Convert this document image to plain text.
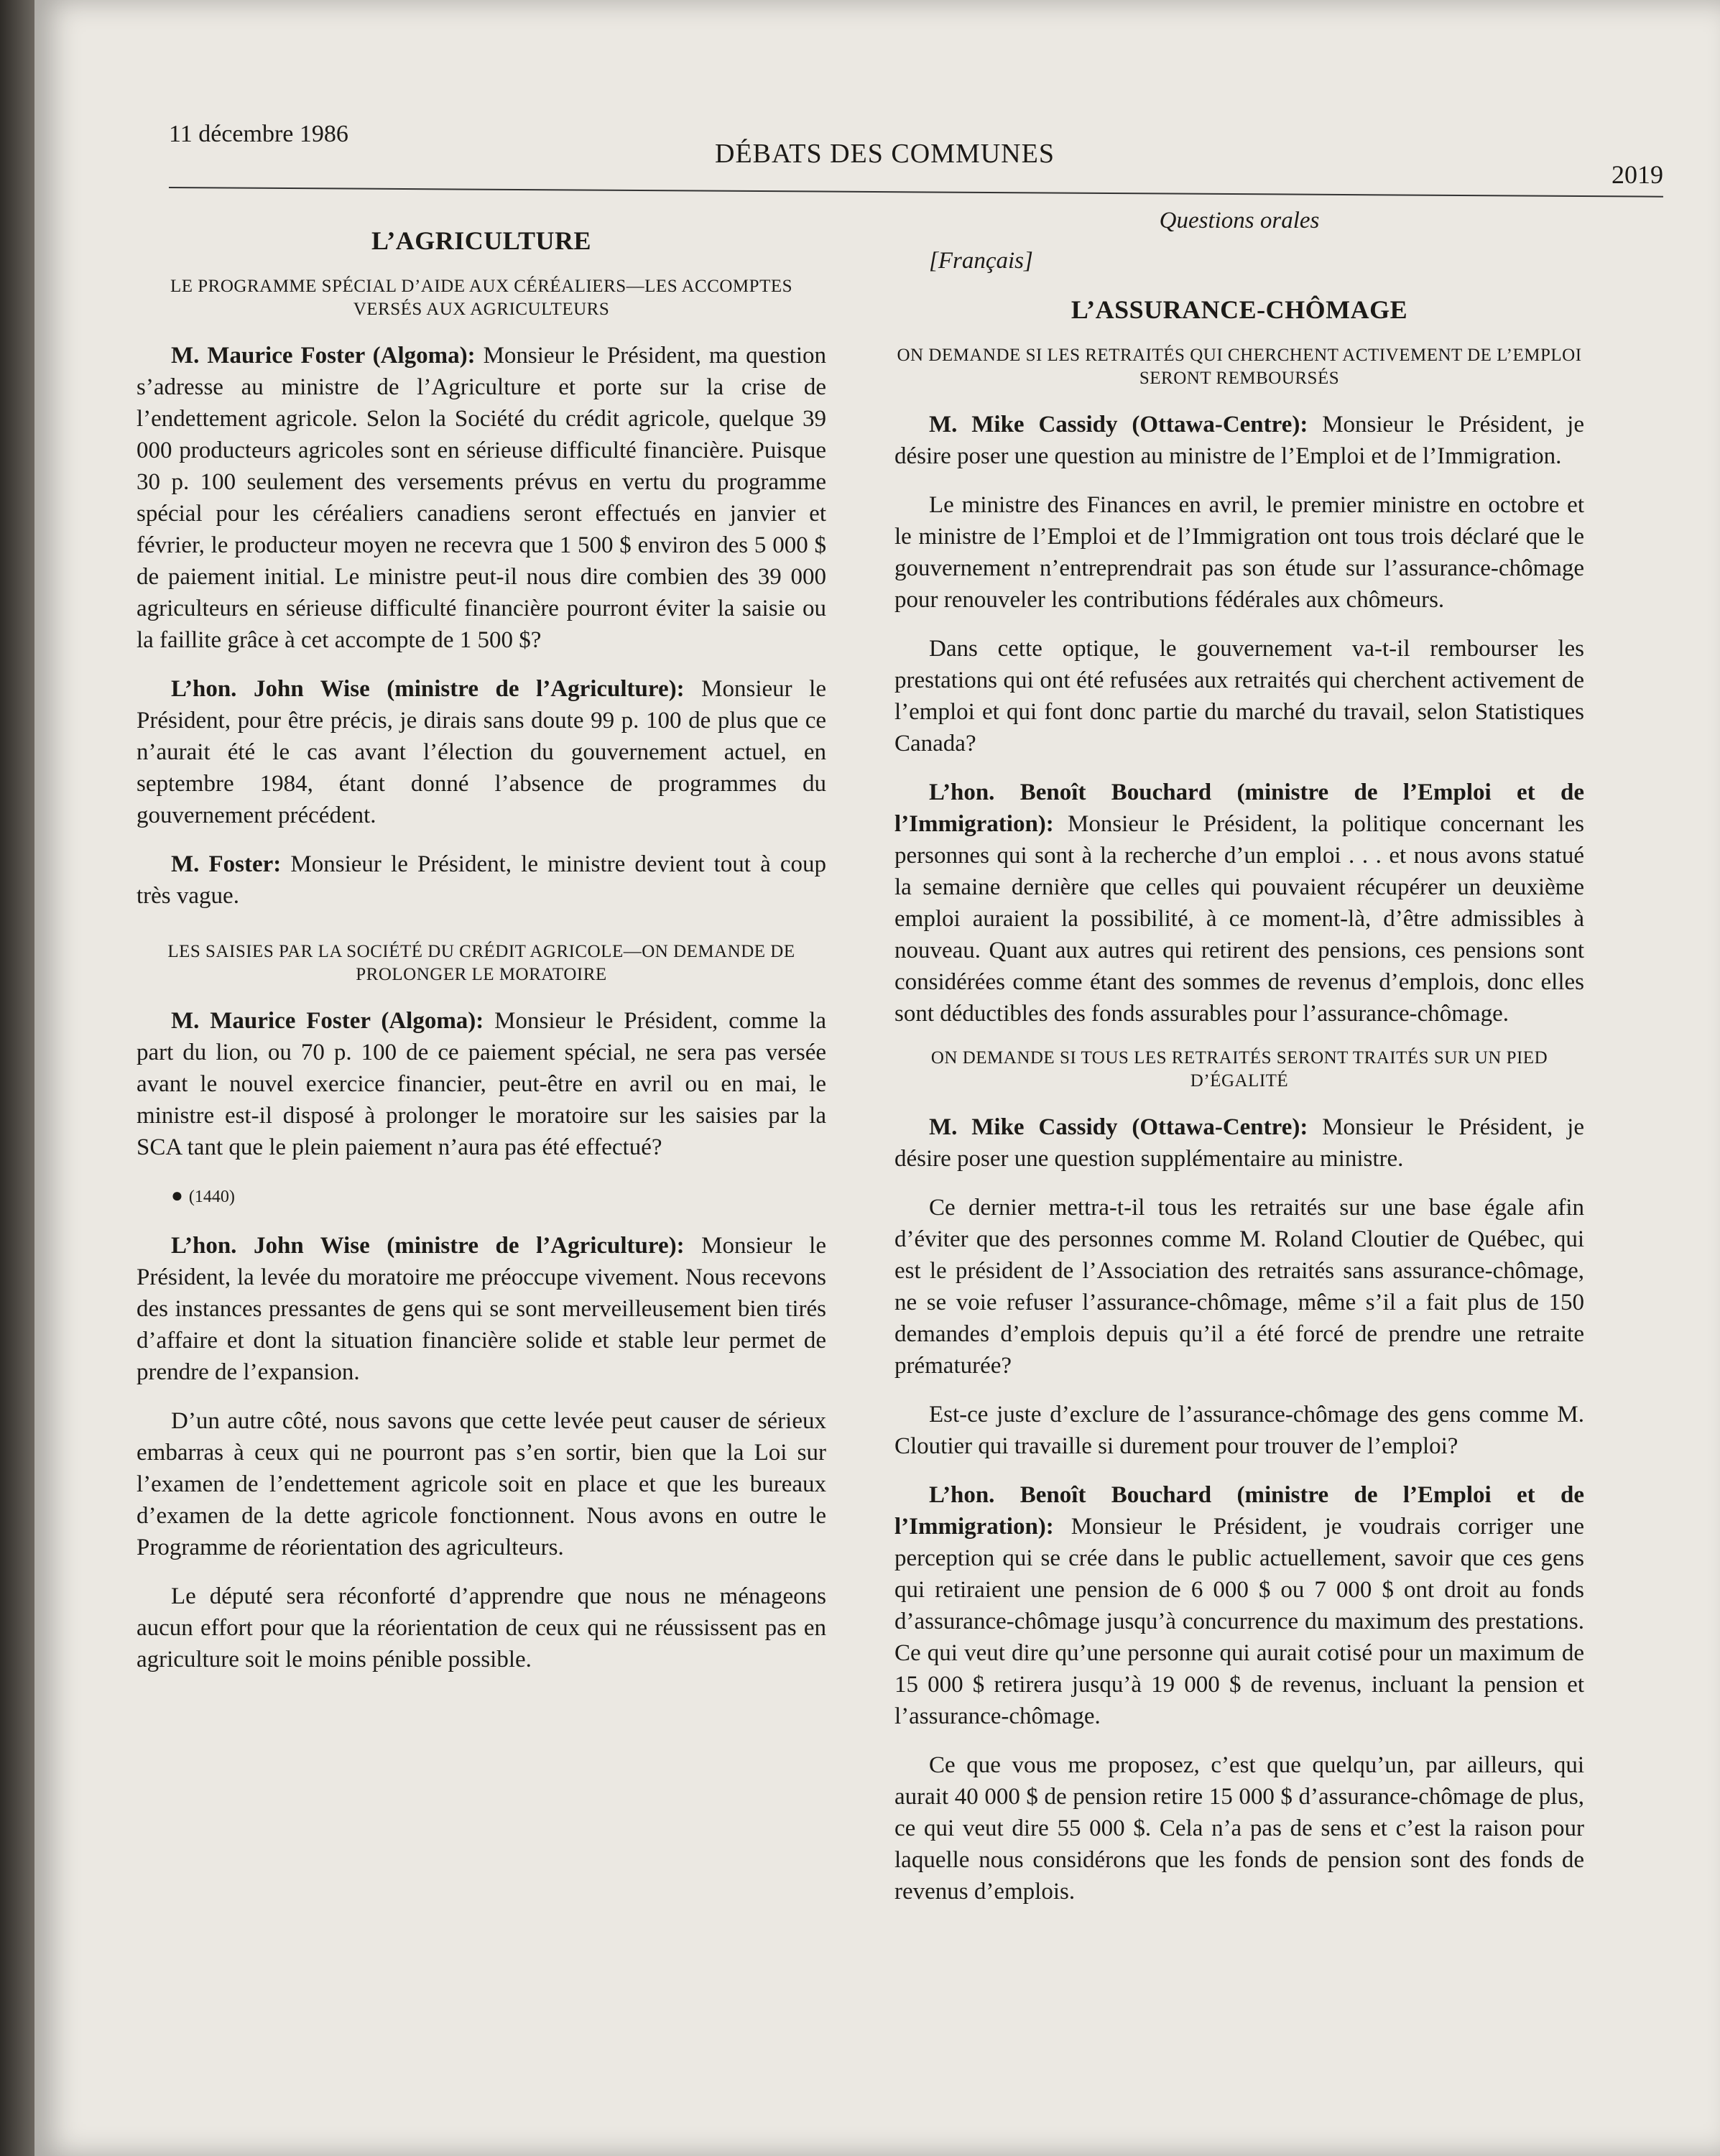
11 décembre 1986
DÉBATS DES COMMUNES
2019
L’AGRICULTURE
LE PROGRAMME SPÉCIAL D’AIDE AUX CÉRÉALIERS—LES ACCOMPTES VERSÉS AUX AGRICULTEURS

M. Maurice Foster (Algoma): Monsieur le Président, ma question s’adresse au ministre de l’Agriculture et porte sur la crise de l’endettement agricole. Selon la Société du crédit agricole, quelque 39 000 producteurs agricoles sont en sérieuse difficulté financière. Puisque 30 p. 100 seulement des versements prévus en vertu du programme spécial pour les céréaliers canadiens seront effectués en janvier et février, le producteur moyen ne recevra que 1 500 $ environ des 5 000 $ de paiement initial. Le ministre peut-il nous dire combien des 39 000 agriculteurs en sérieuse difficulté financière pourront éviter la saisie ou la faillite grâce à cet accompte de 1 500 $?

L’hon. John Wise (ministre de l’Agriculture): Monsieur le Président, pour être précis, je dirais sans doute 99 p. 100 de plus que ce n’aurait été le cas avant l’élection du gouvernement actuel, en septembre 1984, étant donné l’absence de programmes du gouvernement précédent.

M. Foster: Monsieur le Président, le ministre devient tout à coup très vague.

LES SAISIES PAR LA SOCIÉTÉ DU CRÉDIT AGRICOLE—ON DEMANDE DE PROLONGER LE MORATOIRE

M. Maurice Foster (Algoma): Monsieur le Président, comme la part du lion, ou 70 p. 100 de ce paiement spécial, ne sera pas versée avant le nouvel exercice financier, peut-être en avril ou en mai, le ministre est-il disposé à prolonger le moratoire sur les saisies par la SCA tant que le plein paiement n’aura pas été effectué?

● (1440)

L’hon. John Wise (ministre de l’Agriculture): Monsieur le Président, la levée du moratoire me préoccupe vivement. Nous recevons des instances pressantes de gens qui se sont merveilleusement bien tirés d’affaire et dont la situation financière solide et stable leur permet de prendre de l’expansion.

D’un autre côté, nous savons que cette levée peut causer de sérieux embarras à ceux qui ne pourront pas s’en sortir, bien que la Loi sur l’examen de l’endettement agricole soit en place et que les bureaux d’examen de la dette agricole fonctionnent. Nous avons en outre le Programme de réorientation des agriculteurs.

Le député sera réconforté d’apprendre que nous ne ménageons aucun effort pour que la réorientation de ceux qui ne réussissent pas en agriculture soit le moins pénible possible.

Questions orales

[Français]

L’ASSURANCE-CHÔMAGE
ON DEMANDE SI LES RETRAITÉS QUI CHERCHENT ACTIVEMENT DE L’EMPLOI SERONT REMBOURSÉS

M. Mike Cassidy (Ottawa-Centre): Monsieur le Président, je désire poser une question au ministre de l’Emploi et de l’Immigration.

Le ministre des Finances en avril, le premier ministre en octobre et le ministre de l’Emploi et de l’Immigration ont tous trois déclaré que le gouvernement n’entreprendrait pas son étude sur l’assurance-chômage pour renouveler les contributions fédérales aux chômeurs.

Dans cette optique, le gouvernement va-t-il rembourser les prestations qui ont été refusées aux retraités qui cherchent activement de l’emploi et qui font donc partie du marché du travail, selon Statistiques Canada?

L’hon. Benoît Bouchard (ministre de l’Emploi et de l’Immigration): Monsieur le Président, la politique concernant les personnes qui sont à la recherche d’un emploi . . . et nous avons statué la semaine dernière que celles qui pouvaient récupérer un deuxième emploi auraient la possibilité, à ce moment-là, d’être admissibles à nouveau. Quant aux autres qui retirent des pensions, ces pensions sont considérées comme étant des sommes de revenus d’emplois, donc elles sont déductibles des fonds assurables pour l’assurance-chômage.

ON DEMANDE SI TOUS LES RETRAITÉS SERONT TRAITÉS SUR UN PIED D’ÉGALITÉ

M. Mike Cassidy (Ottawa-Centre): Monsieur le Président, je désire poser une question supplémentaire au ministre.

Ce dernier mettra-t-il tous les retraités sur une base égale afin d’éviter que des personnes comme M. Roland Cloutier de Québec, qui est le président de l’Association des retraités sans assurance-chômage, ne se voie refuser l’assurance-chômage, même s’il a fait plus de 150 demandes d’emplois depuis qu’il a été forcé de prendre une retraite prématurée?

Est-ce juste d’exclure de l’assurance-chômage des gens comme M. Cloutier qui travaille si durement pour trouver de l’emploi?

L’hon. Benoît Bouchard (ministre de l’Emploi et de l’Immigration): Monsieur le Président, je voudrais corriger une perception qui se crée dans le public actuellement, savoir que ces gens qui retiraient une pension de 6 000 $ ou 7 000 $ ont droit au fonds d’assurance-chômage jusqu’à concurrence du maximum des prestations. Ce qui veut dire qu’une personne qui aurait cotisé pour un maximum de 15 000 $ retirera jusqu’à 19 000 $ de revenus, incluant la pension et l’assurance-chômage.

Ce que vous me proposez, c’est que quelqu’un, par ailleurs, qui aurait 40 000 $ de pension retire 15 000 $ d’assurance-chômage de plus, ce qui veut dire 55 000 $. Cela n’a pas de sens et c’est la raison pour laquelle nous considérons que les fonds de pension sont des fonds de revenus d’emplois.
